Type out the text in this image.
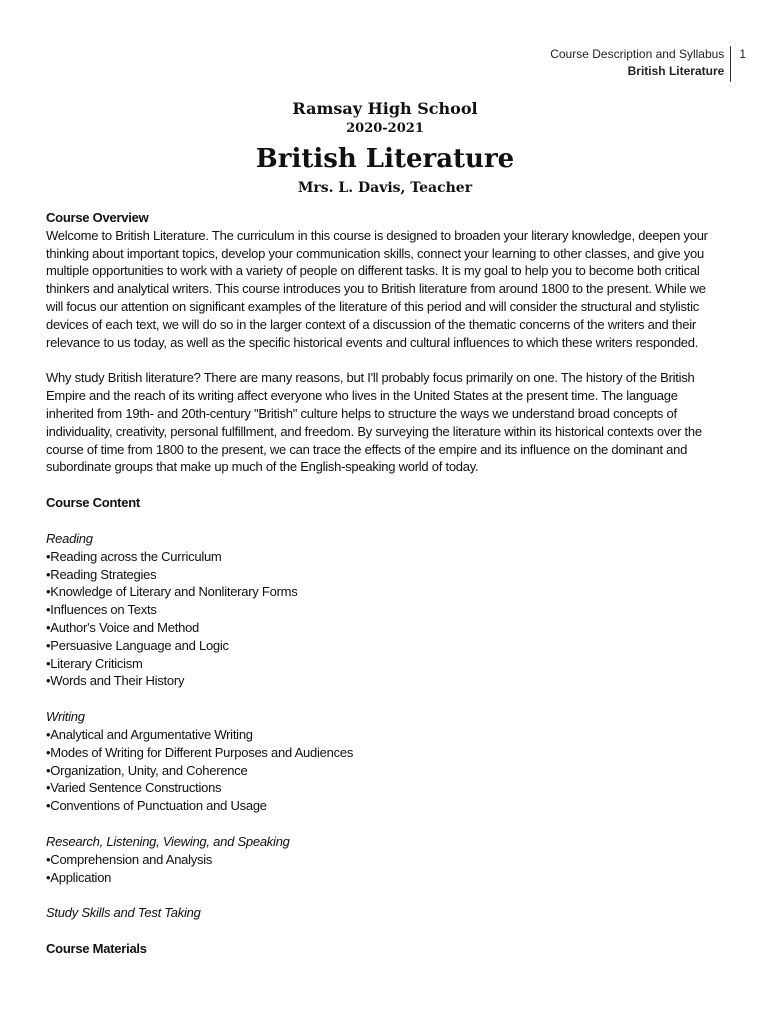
Course Description and Syllabus
British Literature
1
Ramsay High School
2020-2021
British Literature
Mrs. L. Davis, Teacher
Course Overview

Welcome to British Literature. The curriculum in this course is designed to broaden your literary knowledge, deepen your thinking about important topics, develop your communication skills, connect your learning to other classes, and give you multiple opportunities to work with a variety of people on different tasks. It is my goal to help you to become both critical thinkers and analytical writers. This course introduces you to British literature from around 1800 to the present. While we will focus our attention on significant examples of the literature of this period and will consider the structural and stylistic devices of each text, we will do so in the larger context of a discussion of the thematic concerns of the writers and their relevance to us today, as well as the specific historical events and cultural influences to which these writers responded.

Why study British literature? There are many reasons, but I'll probably focus primarily on one. The history of the British Empire and the reach of its writing affect everyone who lives in the United States at the present time. The language inherited from 19th- and 20th-century "British" culture helps to structure the ways we understand broad concepts of individuality, creativity, personal fulfillment, and freedom. By surveying the literature within its historical contexts over the course of time from 1800 to the present, we can trace the effects of the empire and its influence on the dominant and subordinate groups that make up much of the English-speaking world of today.

Course Content
Reading
•Reading across the Curriculum
•Reading Strategies
•Knowledge of Literary and Nonliterary Forms
•Influences on Texts
•Author's Voice and Method
•Persuasive Language and Logic
•Literary Criticism
•Words and Their History
Writing
•Analytical and Argumentative Writing
•Modes of Writing for Different Purposes and Audiences
•Organization, Unity, and Coherence
•Varied Sentence Constructions
•Conventions of Punctuation and Usage
Research, Listening, Viewing, and Speaking
•Comprehension and Analysis
•Application
Study Skills and Test Taking
Course Materials
